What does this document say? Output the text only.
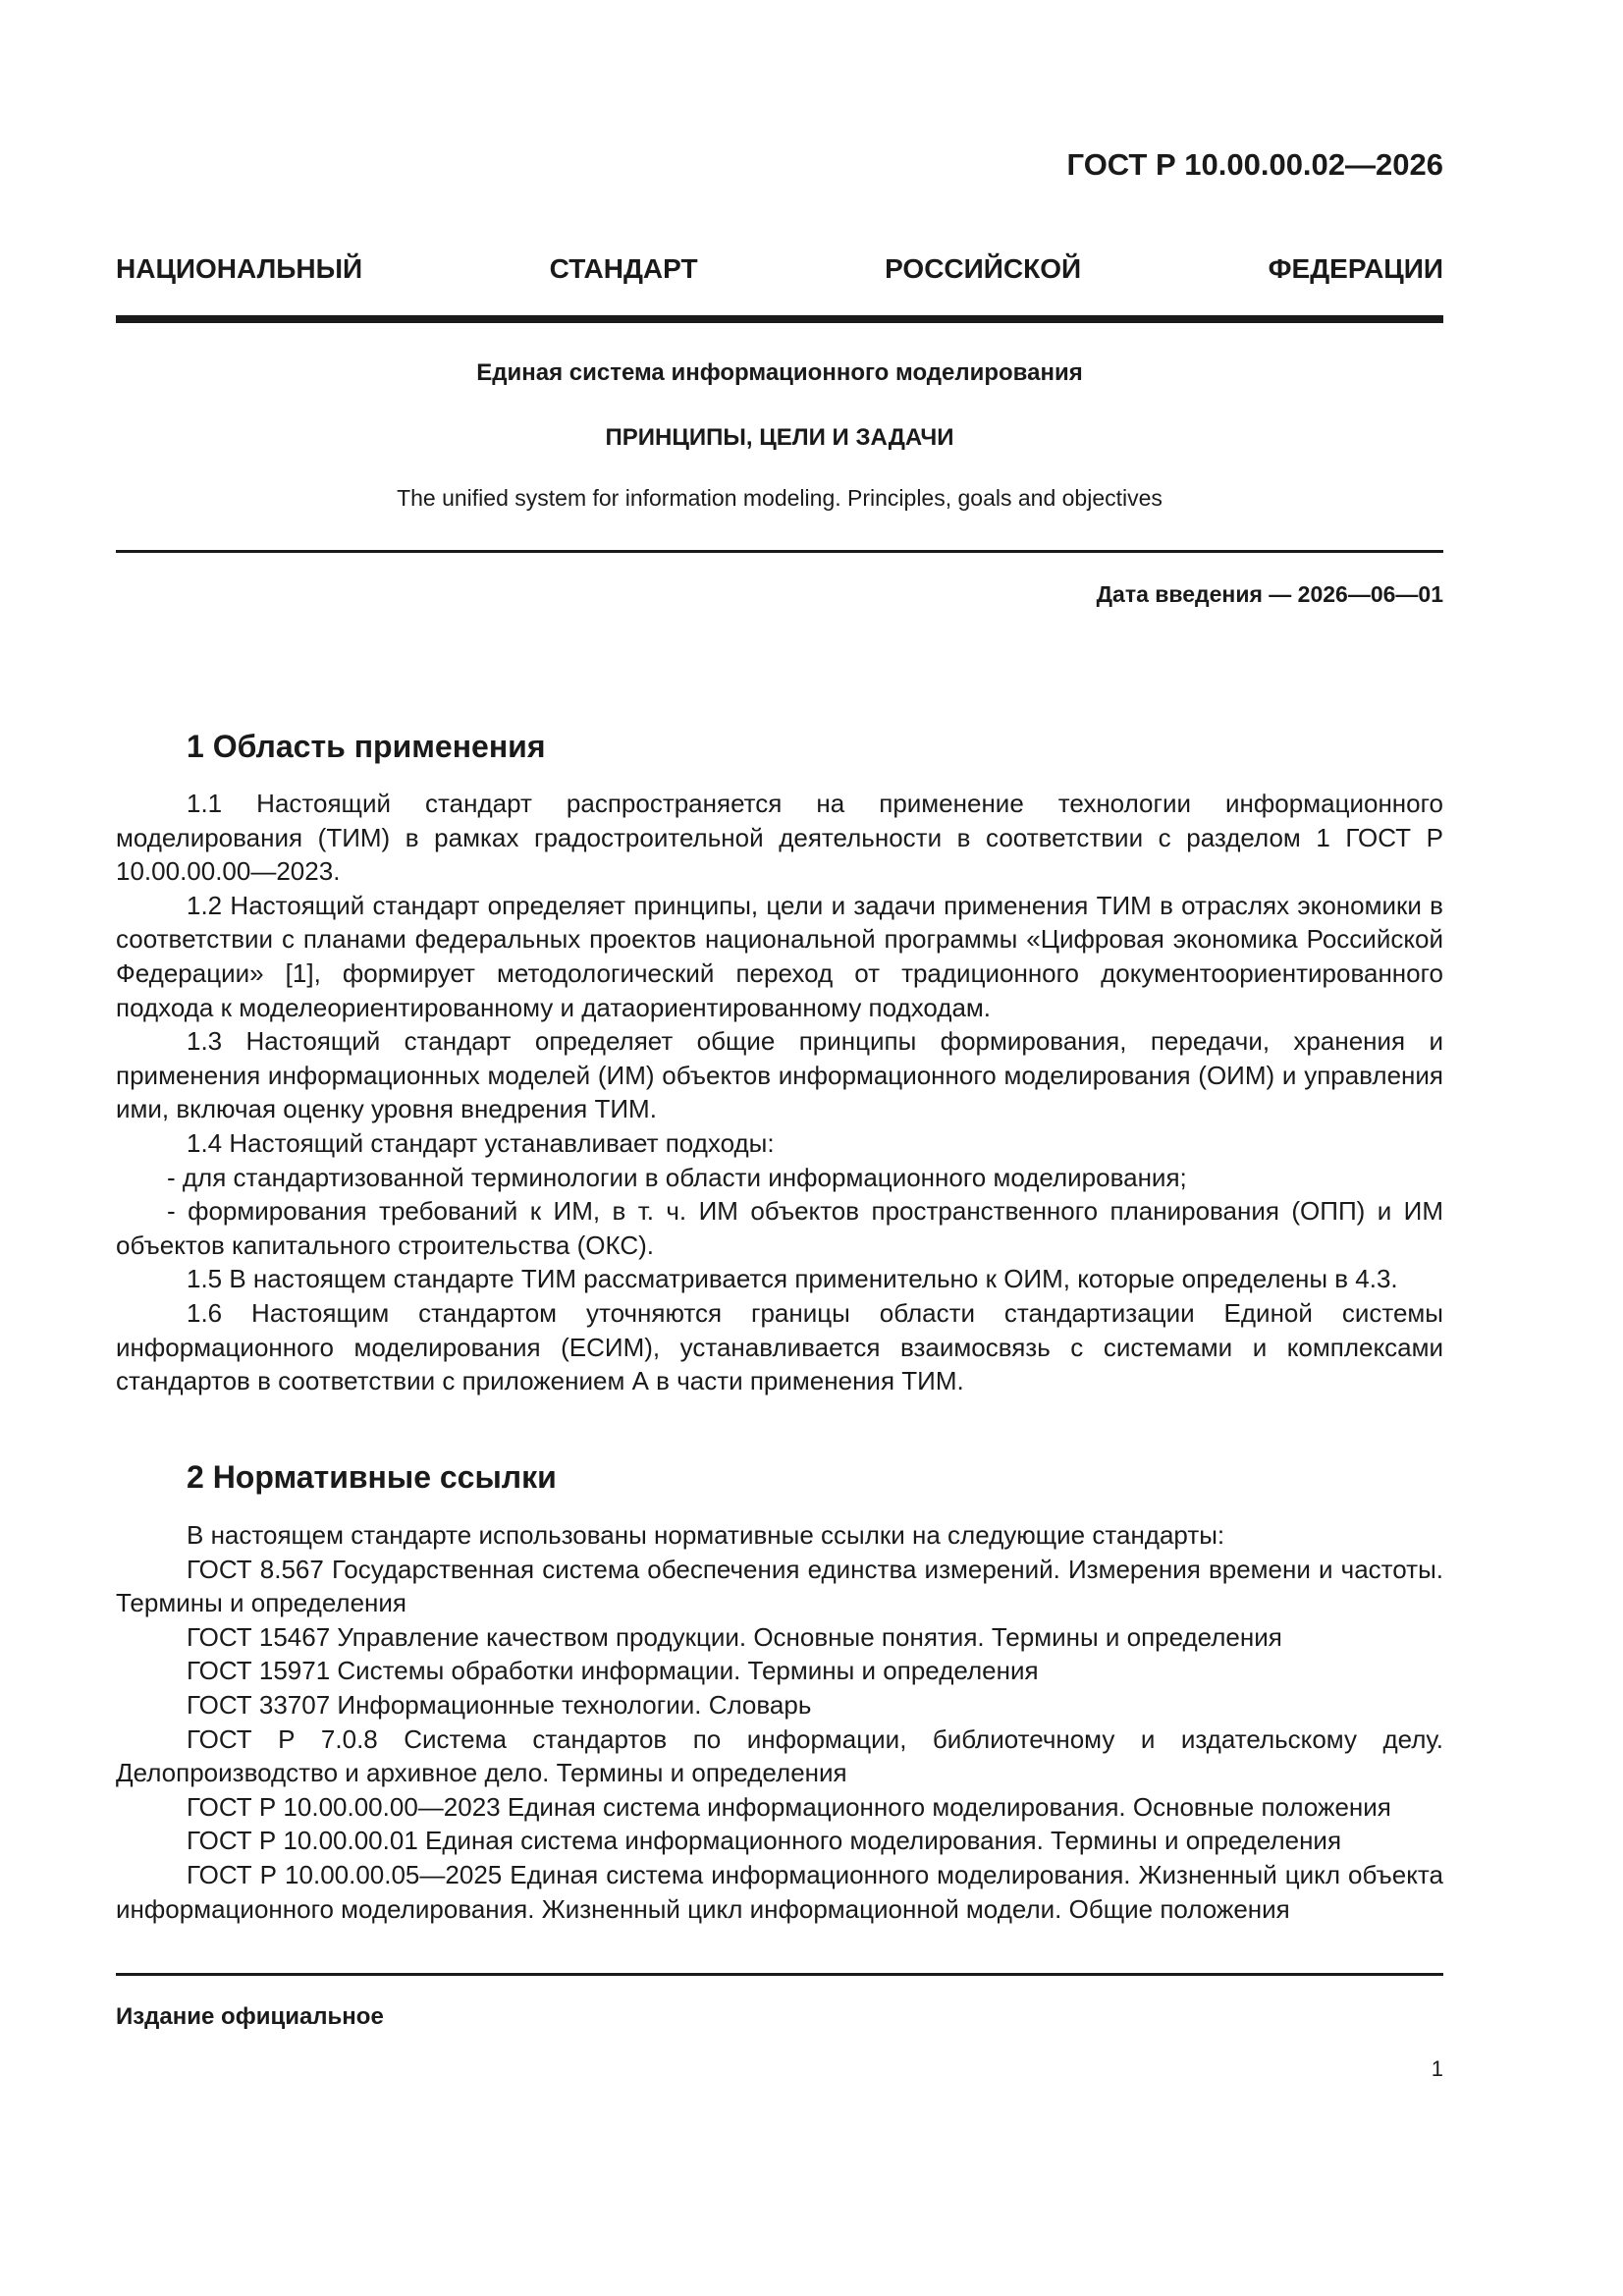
ГОСТ Р 10.00.00.02—2026
НАЦИОНАЛЬНЫЙ	СТАНДАРТ	РОССИЙСКОЙ	ФЕДЕРАЦИИ
Единая система информационного моделирования
ПРИНЦИПЫ, ЦЕЛИ И ЗАДАЧИ
The unified system for information modeling. Principles, goals and objectives
Дата введения — 2026—06—01
1 Область применения

1.1 Настоящий стандарт распространяется на применение технологии информационного моделирования (ТИМ) в рамках градостроительной деятельности в соответствии с разделом 1 ГОСТ Р 10.00.00.00—2023.

1.2 Настоящий стандарт определяет принципы, цели и задачи применения ТИМ в отраслях экономики в соответствии с планами федеральных проектов национальной программы «Цифровая экономика Российской Федерации» [1], формирует методологический переход от традиционного документоориентированного подхода к моделеориентированному и датаориентированному подходам.

1.3 Настоящий стандарт определяет общие принципы формирования, передачи, хранения и применения информационных моделей (ИМ) объектов информационного моделирования (ОИМ) и управления ими, включая оценку уровня внедрения ТИМ.

1.4 Настоящий стандарт устанавливает подходы:

- для стандартизованной терминологии в области информационного моделирования;

- формирования требований к ИМ, в т. ч. ИМ объектов пространственного планирования (ОПП) и ИМ объектов капитального строительства (ОКС).

1.5 В настоящем стандарте ТИМ рассматривается применительно к ОИМ, которые определены в 4.3.

1.6 Настоящим стандартом уточняются границы области стандартизации Единой системы информационного моделирования (ЕСИМ), устанавливается взаимосвязь с системами и комплексами стандартов в соответствии с приложением А в части применения ТИМ.

2 Нормативные ссылки

В настоящем стандарте использованы нормативные ссылки на следующие стандарты:

ГОСТ 8.567 Государственная система обеспечения единства измерений. Измерения времени и частоты. Термины и определения

ГОСТ 15467 Управление качеством продукции. Основные понятия. Термины и определения

ГОСТ 15971 Системы обработки информации. Термины и определения

ГОСТ 33707 Информационные технологии. Словарь

ГОСТ Р 7.0.8 Система стандартов по информации, библиотечному и издательскому делу. Делопроизводство и архивное дело. Термины и определения

ГОСТ Р 10.00.00.00—2023 Единая система информационного моделирования. Основные положения

ГОСТ Р 10.00.00.01 Единая система информационного моделирования. Термины и определения

ГОСТ Р 10.00.00.05—2025 Единая система информационного моделирования. Жизненный цикл объекта информационного моделирования. Жизненный цикл информационной модели. Общие положения

Издание официальное
1
